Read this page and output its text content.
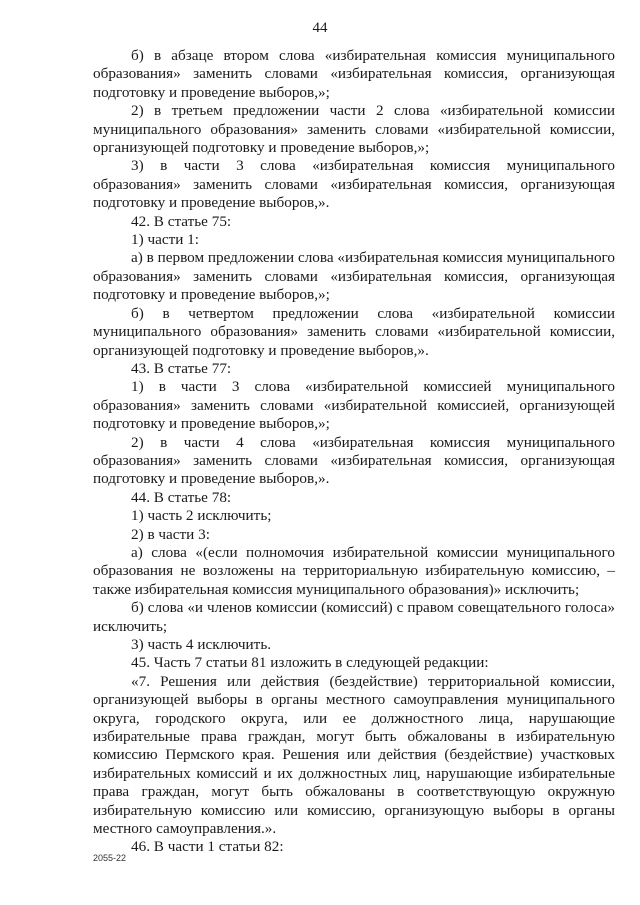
44

б) в абзаце втором слова «избирательная комиссия муниципального образования» заменить словами «избирательная комиссия, организующая подготовку и проведение выборов,»;

2) в третьем предложении части 2 слова «избирательной комиссии муниципального образования» заменить словами «избирательной комиссии, организующей подготовку и проведение выборов,»;

3) в части 3 слова «избирательная комиссия муниципального образования» заменить словами «избирательная комиссия, организующая подготовку и проведение выборов,».

42. В статье 75:

1) части 1:

а) в первом предложении слова «избирательная комиссия муниципального образования» заменить словами «избирательная комиссия, организующая подготовку и проведение выборов,»;

б) в четвертом предложении слова «избирательной комиссии муниципального образования» заменить словами «избирательной комиссии, организующей подготовку и проведение выборов,».

43. В статье 77:

1) в части 3 слова «избирательной комиссией муниципального образования» заменить словами «избирательной комиссией, организующей подготовку и проведение выборов,»;

2) в части 4 слова «избирательная комиссия муниципального образования» заменить словами «избирательная комиссия, организующая подготовку и проведение выборов,».

44. В статье 78:

1) часть 2 исключить;

2) в части 3:

а) слова «(если полномочия избирательной комиссии муниципального образования не возложены на территориальную избирательную комиссию, – также избирательная комиссия муниципального образования)» исключить;

б) слова «и членов комиссии (комиссий) с правом совещательного голоса» исключить;

3) часть 4 исключить.

45. Часть 7 статьи 81 изложить в следующей редакции:

«7. Решения или действия (бездействие) территориальной комиссии, организующей выборы в органы местного самоуправления муниципального округа, городского округа, или ее должностного лица, нарушающие избирательные права граждан, могут быть обжалованы в избирательную комиссию Пермского края. Решения или действия (бездействие) участковых избирательных комиссий и их должностных лиц, нарушающие избирательные права граждан, могут быть обжалованы в соответствующую окружную избирательную комиссию или комиссию, организующую выборы в органы местного самоуправления.».

46. В части 1 статьи 82:

2055-22
